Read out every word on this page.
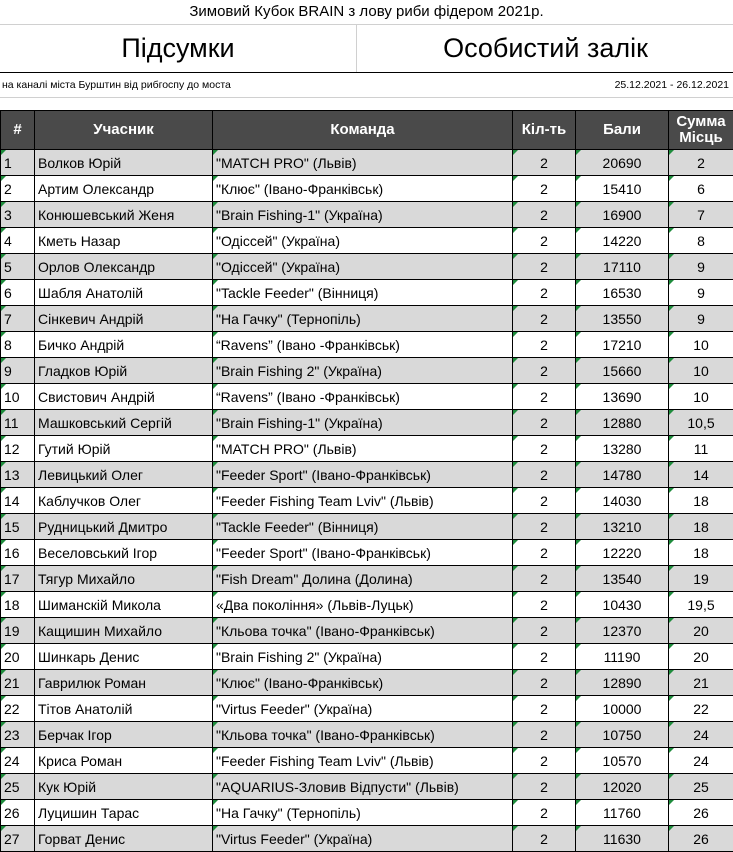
Зимовий Кубок BRAIN з лову риби фідером 2021р.
Підсумки	Особистий залік
на каналі міста Бурштин від рибгоспу до моста	25.12.2021 - 26.12.2021
#	Учасник	Команда	Кіл-ть	Бали	Сумма Місць
1	Волков Юрій	"MATCH PRO" (Львів)	2	20690	2
2	Артим Олександр	"Клює" (Івано-Франківськ)	2	15410	6
3	Конюшевський Женя	"Brain Fishing-1" (Україна)	2	16900	7
4	Кметь Назар	"Одіссей" (Україна)	2	14220	8
5	Орлов Олександр	"Одіссей" (Україна)	2	17110	9
6	Шабля Анатолій	"Tackle Feeder" (Вінниця)	2	16530	9
7	Сінкевич Андрій	"На Гачку" (Тернопіль)	2	13550	9
8	Бичко Андрій	“Ravens” (Івано -Франківськ)	2	17210	10
9	Гладков Юрій	"Brain Fishing 2" (Україна)	2	15660	10
10	Свистович Андрій	“Ravens” (Івано -Франківськ)	2	13690	10
11	Машковський Сергій	"Brain Fishing-1" (Україна)	2	12880	10,5
12	Гутий Юрій	"MATCH PRO" (Львів)	2	13280	11
13	Левицький Олег	"Feeder Sport" (Івано-Франківськ)	2	14780	14
14	Каблучков Олег	"Feeder Fishing Team Lviv" (Львів)	2	14030	18
15	Рудницький Дмитро	"Tackle Feeder" (Вінниця)	2	13210	18
16	Веселовський Ігор	"Feeder Sport" (Івано-Франківськ)	2	12220	18
17	Тягур Михайло	"Fish Dream" Долина (Долина)	2	13540	19
18	Шиманскій Микола	«Два покоління» (Львів-Луцьк)	2	10430	19,5
19	Кащишин Михайло	"Кльова точка" (Івано-Франківськ)	2	12370	20
20	Шинкарь Денис	"Brain Fishing 2" (Україна)	2	11190	20
21	Гаврилюк Роман	"Клює" (Івано-Франківськ)	2	12890	21
22	Тітов Анатолій	"Virtus Feeder" (Україна)	2	10000	22
23	Берчак Ігор	"Кльова точка" (Івано-Франківськ)	2	10750	24
24	Криса Роман	"Feeder Fishing Team Lviv" (Львів)	2	10570	24
25	Кук Юрій	"AQUARIUS-Зловив Відпусти" (Львів)	2	12020	25
26	Луцишин Тарас	"На Гачку" (Тернопіль)	2	11760	26
27	Горват Денис	"Virtus Feeder" (Україна)	2	11630	26
